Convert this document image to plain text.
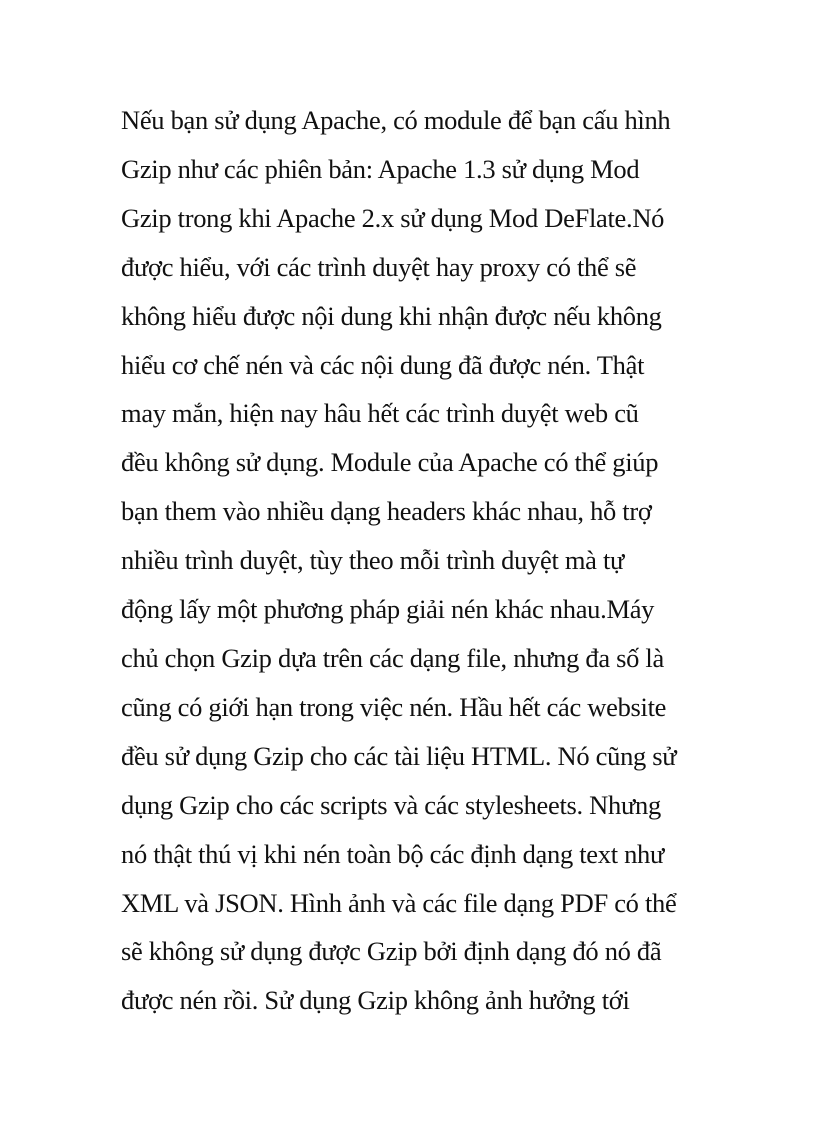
Nếu bạn sử dụng Apache, có module để bạn cấu hình
Gzip như các phiên bản: Apache 1.3 sử dụng Mod
Gzip trong khi Apache 2.x sử dụng Mod DeFlate.Nó
được hiểu, với các trình duyệt hay proxy có thể sẽ
không hiểu được nội dung khi nhận được nếu không
hiểu cơ chế nén và các nội dung đã được nén. Thật
may mắn, hiện nay hâu hết các trình duyệt web cũ
đều không sử dụng. Module của Apache có thể giúp
bạn them vào nhiều dạng headers khác nhau, hỗ trợ
nhiều trình duyệt, tùy theo mỗi trình duyệt mà tự
động lấy một phương pháp giải nén khác nhau.Máy
chủ chọn Gzip dựa trên các dạng file, nhưng đa số là
cũng có giới hạn trong việc nén. Hầu hết các website
đều sử dụng Gzip cho các tài liệu HTML. Nó cũng sử
dụng Gzip cho các scripts và các stylesheets. Nhưng
nó thật thú vị khi nén toàn bộ các định dạng text như
XML và JSON. Hình ảnh và các file dạng PDF có thể
sẽ không sử dụng được Gzip bởi định dạng đó nó đã
được nén rồi. Sử dụng Gzip không ảnh hưởng tới
